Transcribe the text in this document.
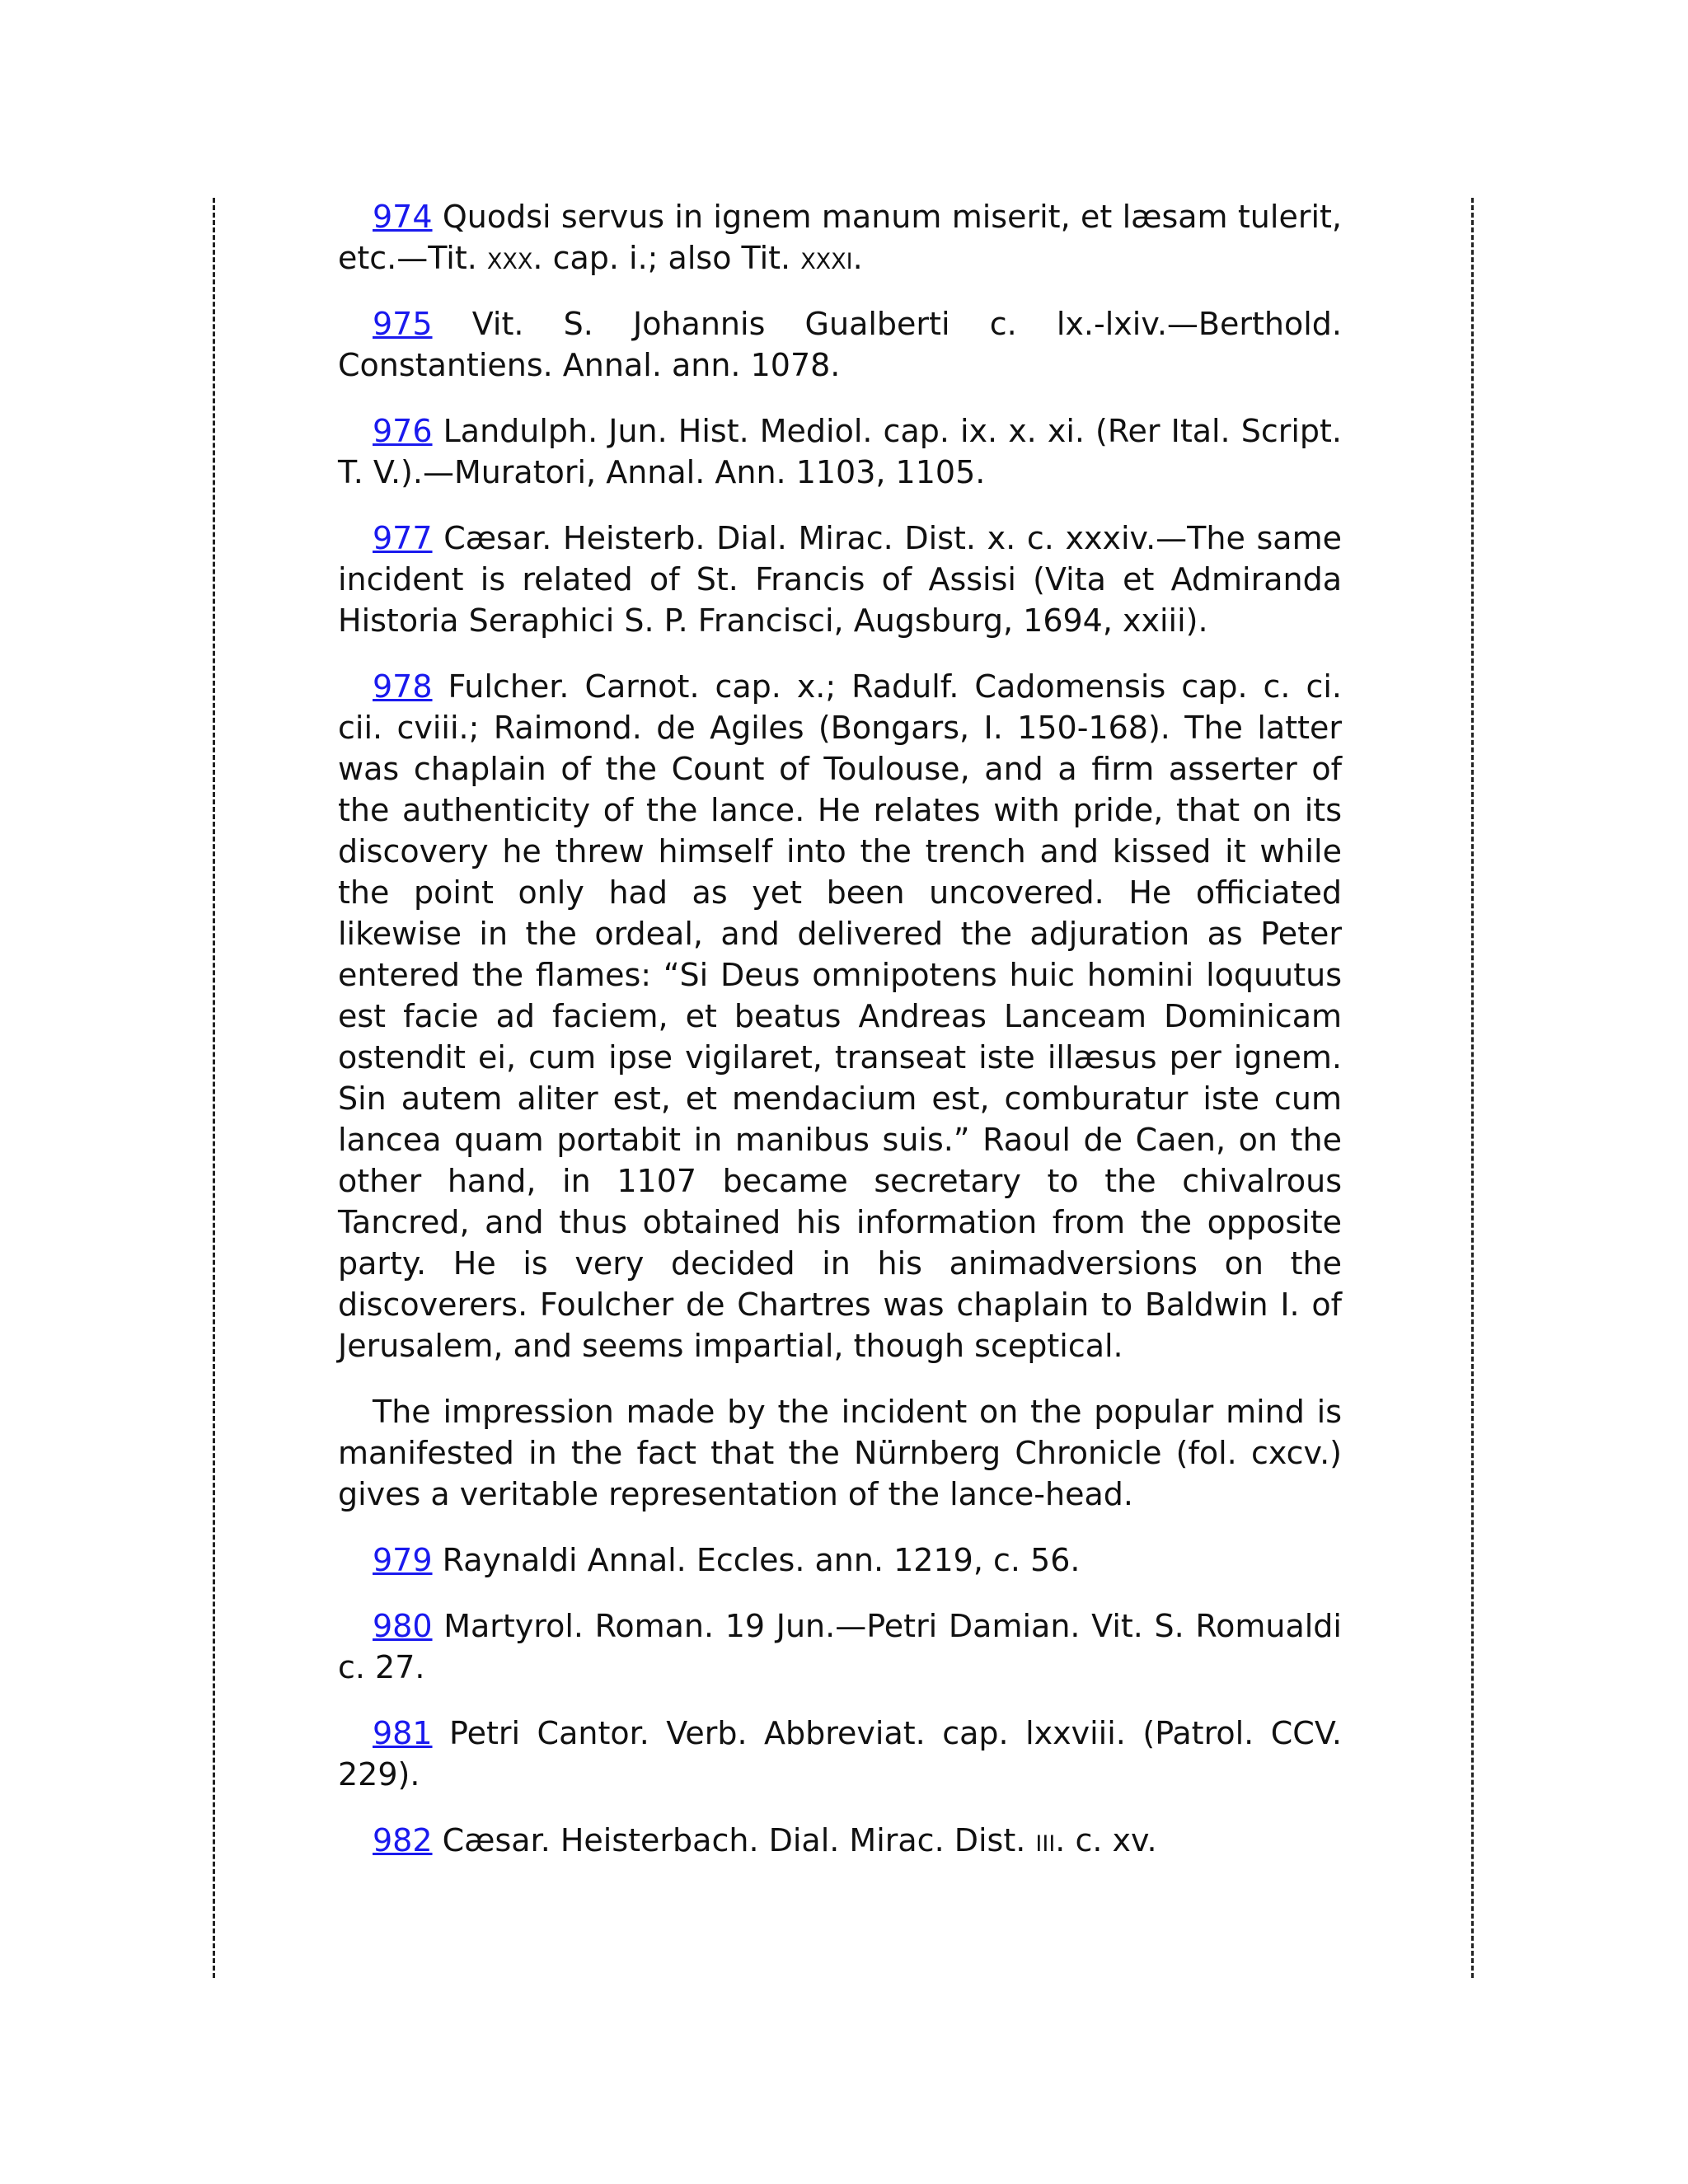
974 Quodsi servus in ignem manum miserit, et læsam tulerit, etc.—Tit. xxx. cap. i.; also Tit. xxxi.

975 Vit. S. Johannis Gualberti c. lx.-lxiv.—Berthold. Constantiens. Annal. ann. 1078.

976 Landulph. Jun. Hist. Mediol. cap. ix. x. xi. (Rer Ital. Script. T. V.).—Muratori, Annal. Ann. 1103, 1105.

977 Cæsar. Heisterb. Dial. Mirac. Dist. x. c. xxxiv.—The same incident is related of St. Francis of Assisi (Vita et Admiranda Historia Seraphici S. P. Francisci, Augsburg, 1694, xxiii).

978 Fulcher. Carnot. cap. x.; Radulf. Cadomensis cap. c. ci. cii. cviii.; Raimond. de Agiles (Bongars, I. 150-168). The latter was chaplain of the Count of Toulouse, and a firm asserter of the authenticity of the lance. He relates with pride, that on its discovery he threw himself into the trench and kissed it while the point only had as yet been uncovered. He officiated likewise in the ordeal, and delivered the adjuration as Peter entered the flames: “Si Deus omnipotens huic homini loquutus est facie ad faciem, et beatus Andreas Lanceam Dominicam ostendit ei, cum ipse vigilaret, transeat iste illæsus per ignem. Sin autem aliter est, et mendacium est, comburatur iste cum lancea quam portabit in manibus suis.” Raoul de Caen, on the other hand, in 1107 became secretary to the chivalrous Tancred, and thus obtained his information from the opposite party. He is very decided in his animadversions on the discoverers. Foulcher de Chartres was chaplain to Baldwin I. of Jerusalem, and seems impartial, though sceptical.

The impression made by the incident on the popular mind is manifested in the fact that the Nürnberg Chronicle (fol. cxcv.) gives a veritable representation of the lance-head.

979 Raynaldi Annal. Eccles. ann. 1219, c. 56.

980 Martyrol. Roman. 19 Jun.—Petri Damian. Vit. S. Romualdi c. 27.

981 Petri Cantor. Verb. Abbreviat. cap. lxxviii. (Patrol. CCV. 229).

982 Cæsar. Heisterbach. Dial. Mirac. Dist. iii. c. xv.
